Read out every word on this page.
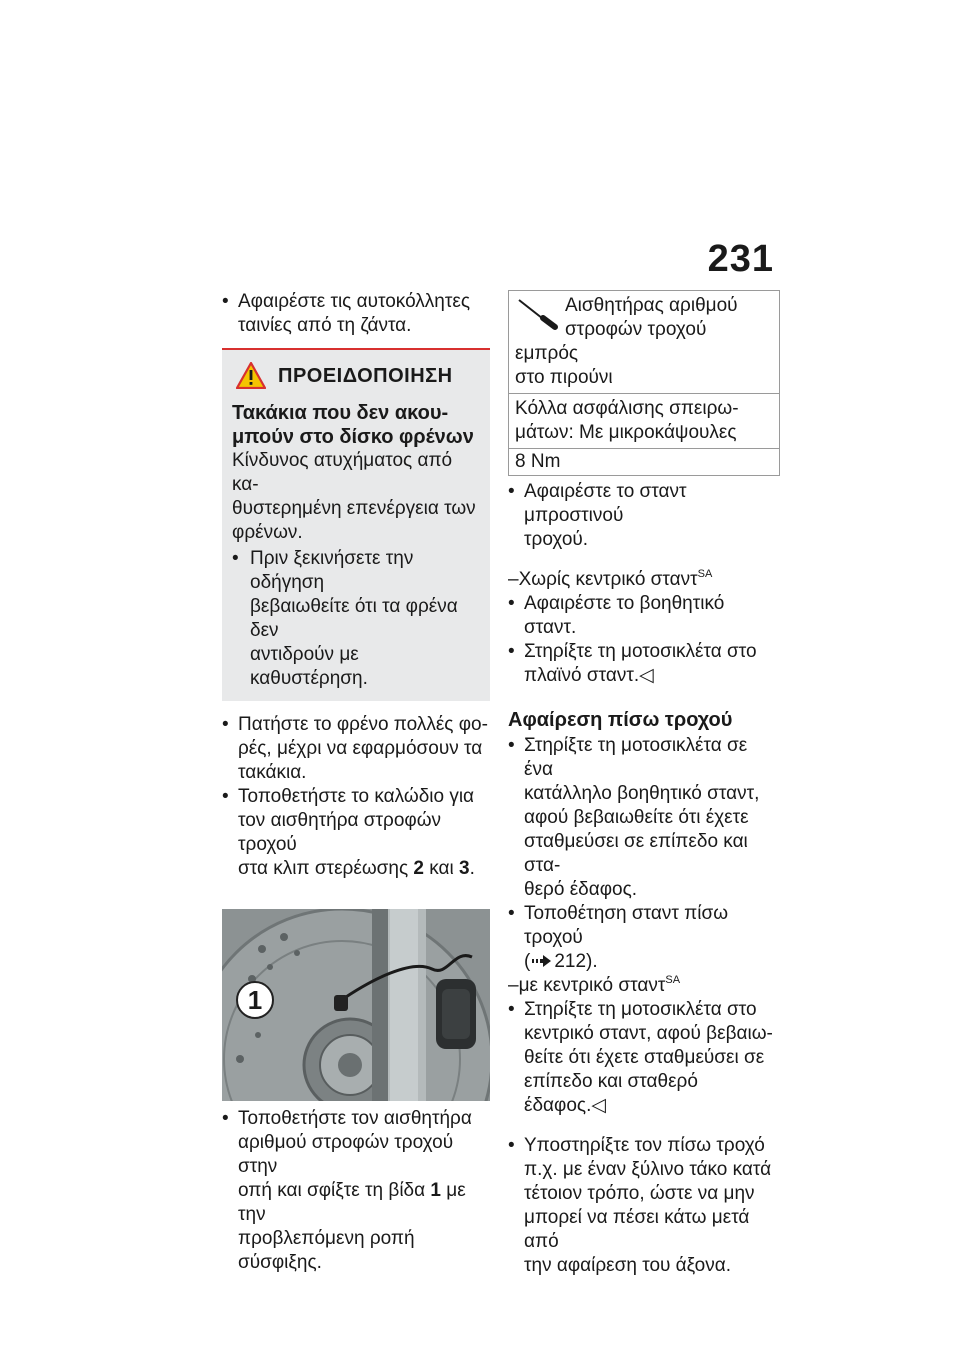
231

• Αφαιρέστε τις αυτοκόλλητες
ταινίες από τη ζάντα.

ΠΡΟΕΙΔΟΠΟΙΗΣΗ
Τακάκια που δεν ακου-
μπούν στο δίσκο φρένων
Κίνδυνος ατυχήματος από κα-
θυστερημένη επενέργεια των
φρένων.

• Πριν ξεκινήσετε την οδήγηση
βεβαιωθείτε ότι τα φρένα δεν
αντιδρούν με καθυστέρηση.

• Πατήστε το φρένο πολλές φο-
ρές, μέχρι να εφαρμόσουν τα
τακάκια.

• Τοποθετήστε το καλώδιο για
τον αισθητήρα στροφών τροχού
στα κλιπ στερέωσης 2 και 3.

1

• Τοποθετήστε τον αισθητήρα
αριθμού στροφών τροχού στην
οπή και σφίξτε τη βίδα 1 με την
προβλεπόμενη ροπή σύσφιξης.

Αισθητήρας αριθμού
στροφών τροχού εμπρός
στο πιρούνι
Κόλλα ασφάλισης σπειρω-
μάτων: Με μικροκάψουλες
8 Nm

• Αφαιρέστε το σταντ μπροστινού
τροχού.

–Χωρίς κεντρικό σταντ$^{SA}$

• Αφαιρέστε το βοηθητικό σταντ.

• Στηρίξτε τη μοτοσικλέτα στο
πλαϊνό σταντ.◁

Αφαίρεση πίσω τροχού

• Στηρίξτε τη μοτοσικλέτα σε ένα
κατάλληλο βοηθητικό σταντ,
αφού βεβαιωθείτε ότι έχετε
σταθμεύσει σε επίπεδο και στα-
θερό έδαφος.

• Τοποθέτηση σταντ πίσω τροχού
( 212).

–με κεντρικό σταντ$^{SA}$

• Στηρίξτε τη μοτοσικλέτα στο
κεντρικό σταντ, αφού βεβαιω-
θείτε ότι έχετε σταθμεύσει σε
επίπεδο και σταθερό έδαφος.◁

• Υποστηρίξτε τον πίσω τροχό
π.χ. με έναν ξύλινο τάκο κατά
τέτοιον τρόπο, ώστε να μην
μπορεί να πέσει κάτω μετά από
την αφαίρεση του άξονα.
